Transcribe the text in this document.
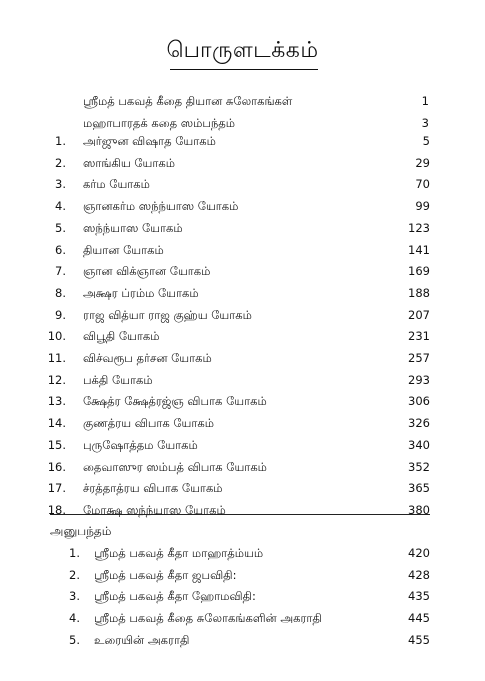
பொருளடக்கம்
ஸ்ரீமத் பகவத் கீதை தியான சுலோகங்கள்	1
மஹாபாரதக் கதை ஸம்பந்தம்	3
1. அர்ஜுன விஷாத யோகம்	5
2. ஸாங்கிய யோகம்	29
3. கர்ம யோகம்	70
4. ஞானகர்ம ஸந்ந்யாஸ யோகம்	99
5. ஸந்ந்யாஸ யோகம்	123
6. தியான யோகம்	141
7. ஞான விக்ஞான யோகம்	169
8. அக்ஷர ப்ரம்ம யோகம்	188
9. ராஜ வித்யா ராஜ குஹ்ய யோகம்	207
10. விபூதி யோகம்	231
11. விச்வரூப தர்சன யோகம்	257
12. பக்தி யோகம்	293
13. க்ஷேத்ர க்ஷேத்ரஜ்ஞ விபாக யோகம்	306
14. குணத்ரய விபாக யோகம்	326
15. புருஷோத்தம யோகம்	340
16. தைவாஸுர ஸம்பத் விபாக யோகம்	352
17. ச்ரத்தாத்ரய விபாக யோகம்	365
18. மோக்ஷ ஸந்ந்யாஸ யோகம்	380
அனுபந்தம்
1. ஸ்ரீமத் பகவத் கீதா மாஹாத்ம்யம்	420
2. ஸ்ரீமத் பகவத் கீதா ஜபவிதி:	428
3. ஸ்ரீமத் பகவத் கீதா ஹோமவிதி:	435
4. ஸ்ரீமத் பகவத் கீதை சுலோகங்களின் அகராதி	445
5. உரையின் அகராதி	455
